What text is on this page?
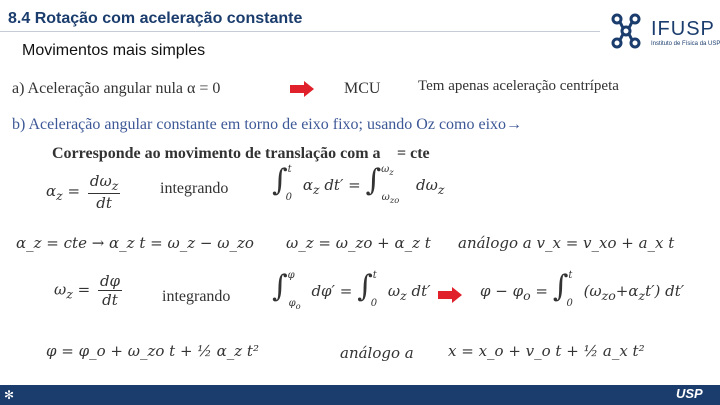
8.4 Rotação com aceleração constante	IFUSP
Instituto de Física da USP
Movimentos mais simples
a) Aceleração angular nula α = 0	MCU	Tem apenas aceleração centrípeta
b) Aceleração angular constante em torno de eixo fixo; usando Oz como eixo→
Corresponde ao movimento de translação com a⃗ = cte⃗
$\alpha_z = \frac{d\omega_z}{dt}$ integrando ∫$^t_0$ $\alpha_z$ dt′ = ∫$^{\omega_z}_{\omega_{zo}}$ $d\omega_z$
α_z = cte → α_z t = ω_z − ω_zo ω_z = ω_zo + α_z t análogo a v_x = v_xo + a_x t
$\omega_z = \frac{d\varphi}{dt}$ integrando ∫$^\varphi_{\varphi_o}$ dφ′ = ∫$^t_0$ $\omega_z$ dt′	$\varphi - \varphi_o = \int^t_0$ $(\omega_{zo}+\alpha_zt')$ dt′
φ = φ_o + ω_zo t + ½ α_z t²	análogo a x = x_o + v_o t + ½ a_x t²
✻	USP
